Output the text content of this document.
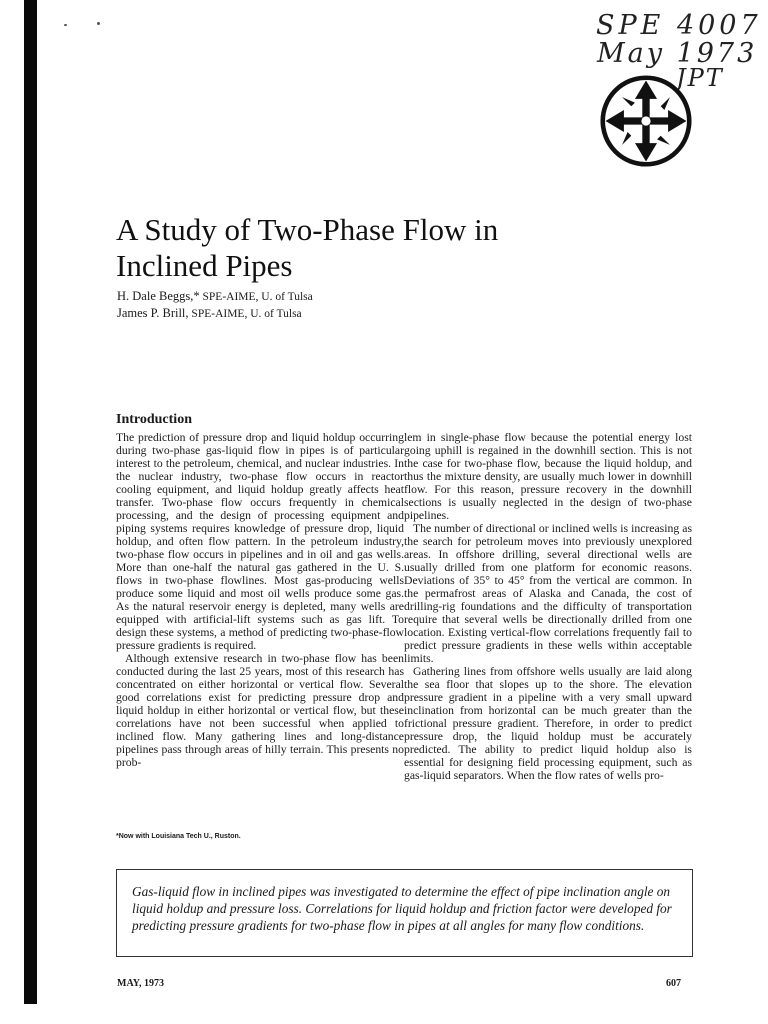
SPE 4007
May 1973
JPT
A Study of Two-Phase Flow in
Inclined Pipes
H. Dale Beggs,* SPE-AIME, U. of Tulsa
James P. Brill, SPE-AIME, U. of Tulsa
Introduction

The prediction of pressure drop and liquid holdup occurring during two-phase gas-liquid flow in pipes is of particular interest to the petroleum, chemical, and nuclear industries. In the nuclear industry, two-phase flow occurs in reactor cooling equipment, and liquid holdup greatly affects heat transfer. Two-phase flow occurs frequently in chemical processing, and the design of processing equipment and piping systems requires knowledge of pressure drop, liquid holdup, and often flow pattern. In the petroleum industry, two-phase flow occurs in pipelines and in oil and gas wells. More than one-half the natural gas gathered in the U. S. flows in two-phase flowlines. Most gas-producing wells produce some liquid and most oil wells produce some gas. As the natural reservoir energy is depleted, many wells are equipped with artificial-lift systems such as gas lift. To design these systems, a method of predicting two-phase-flow pressure gradients is required.

Although extensive research in two-phase flow has been conducted during the last 25 years, most of this research has concentrated on either horizontal or vertical flow. Several good correlations exist for predicting pressure drop and liquid holdup in either horizontal or vertical flow, but these correlations have not been successful when applied to inclined flow. Many gathering lines and long-distance pipelines pass through areas of hilly terrain. This presents no prob-

lem in single-phase flow because the potential energy lost going uphill is regained in the downhill section. This is not the case for two-phase flow, because the liquid holdup, and thus the mixture density, are usually much lower in downhill flow. For this reason, pressure recovery in the downhill sections is usually neglected in the design of two-phase pipelines.

The number of directional or inclined wells is increasing as the search for petroleum moves into previously unexplored areas. In offshore drilling, several directional wells are usually drilled from one platform for economic reasons. Deviations of 35° to 45° from the vertical are common. In the permafrost areas of Alaska and Canada, the cost of drilling-rig foundations and the difficulty of transportation require that several wells be directionally drilled from one location. Existing vertical-flow correlations frequently fail to predict pressure gradients in these wells within acceptable limits.

Gathering lines from offshore wells usually are laid along the sea floor that slopes up to the shore. The elevation pressure gradient in a pipeline with a very small upward inclination from horizontal can be much greater than the frictional pressure gradient. Therefore, in order to predict pressure drop, the liquid holdup must be accurately predicted. The ability to predict liquid holdup also is essential for designing field processing equipment, such as gas-liquid separators. When the flow rates of wells pro-

*Now with Louisiana Tech U., Ruston.

Gas-liquid flow in inclined pipes was investigated to determine the effect of pipe inclination angle on liquid holdup and pressure loss. Correlations for liquid holdup and friction factor were developed for predicting pressure gradients for two-phase flow in pipes at all angles for many flow conditions.

MAY, 1973	607
